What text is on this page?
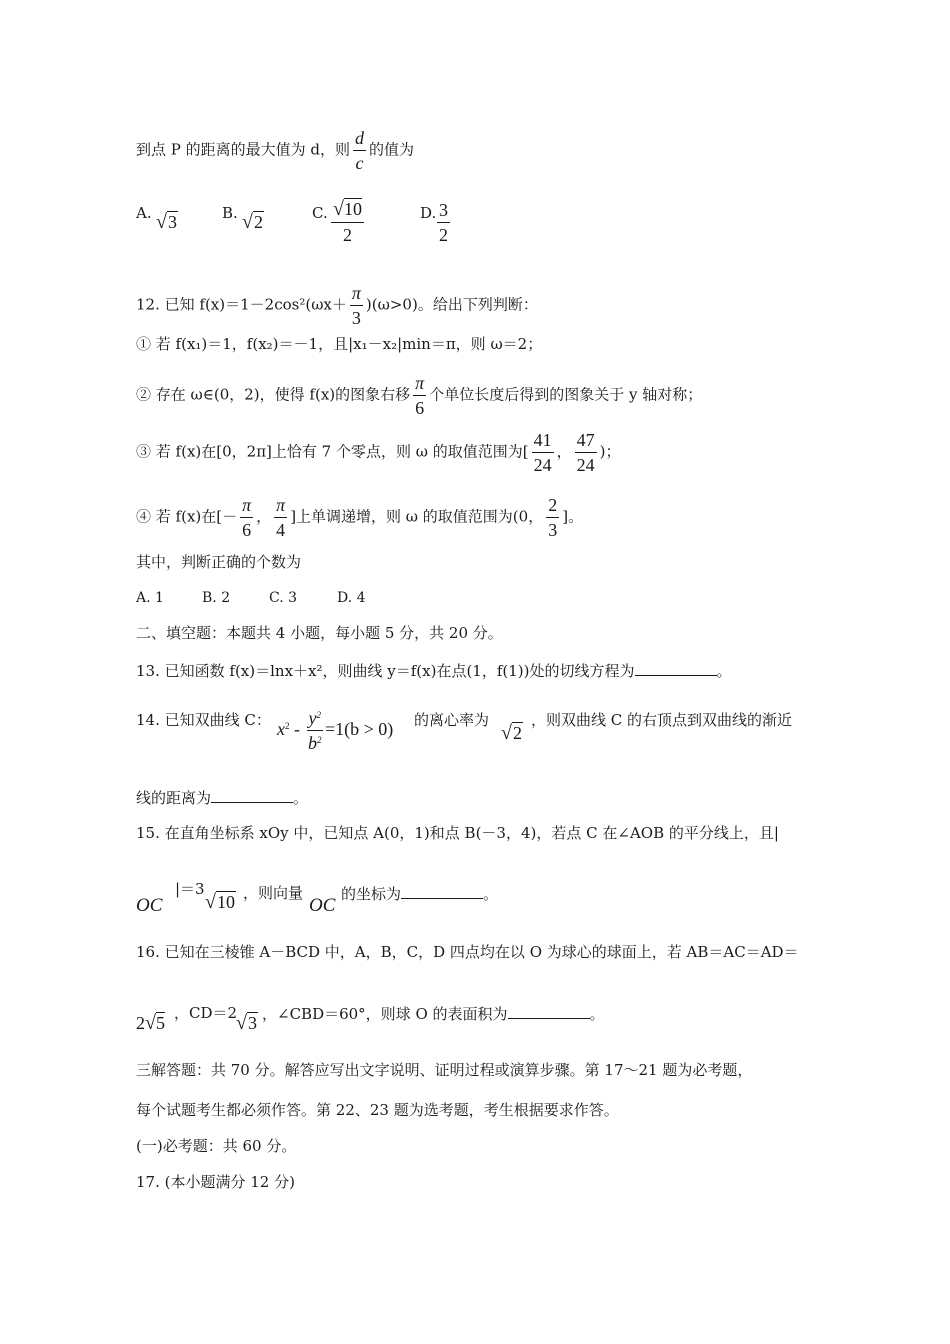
到点 P 的距离的最大值为 d，则 $\frac{d}{c}$ 的值为
A. √3	B. √2	C. $\frac{√10}{2}$	D. $\frac{3}{2}$
12. 已知 $f(x)=1-2\cos^2(\omega x+ \frac{\pi}{3} )(\omega>0)$。给出下列判断：
① 若 f(x₁)＝1，f(x₂)＝－1，且|x₁－x₂|min＝π，则 ω＝2；
② 存在 ω∈(0，2)，使得 f(x)的图象右移 $\frac{\pi}{6}$ 个单位长度后得到的图象关于 y 轴对称；
③ 若 f(x)在[0，2π]上恰有 7 个零点，则 ω 的取值范围为[ $\frac{41}{24}$ ， $\frac{47}{24}$ )；
④ 若 f(x)在[－ $\frac{\pi}{6}$ ， $\frac{\pi}{4}$ ]上单调递增，则 ω 的取值范围为(0， $\frac{2}{3}$ ]。
其中，判断正确的个数为
A. 1	B. 2	C. 3	D. 4
二、填空题：本题共 4 小题，每小题 5 分，共 20 分。
13. 已知函数 f(x)＝lnx＋x²，则曲线 y＝f(x)在点(1，f(1))处的切线方程为	。
14. 已知双曲线 C： $x^2 - \frac{y^2}{b^2} =1(b > 0)$ 的离心率为
√2
，则双曲线 C 的右顶点到双曲线的渐近
线的距离为	。
15. 在直角坐标系 xOy 中，已知点 A(0，1)和点 B(－3，4)，若点 C 在∠AOB 的平分线上，且|
OC
|＝3
√10 ，则向量
OC
的坐标为	。
16. 已知在三棱锥 A－BCD 中，A，B，C，D 四点均在以 O 为球心的球面上，若 AB＝AC＝AD＝
2√5 ，CD＝2
√3 ，∠CBD＝60°，则球 O 的表面积为	。
三解答题：共 70 分。解答应写出文字说明、证明过程或演算步骤。第 17～21 题为必考题，
每个试题考生都必须作答。第 22、23 题为选考题，考生根据要求作答。
(一)必考题：共 60 分。
17. (本小题满分 12 分)
